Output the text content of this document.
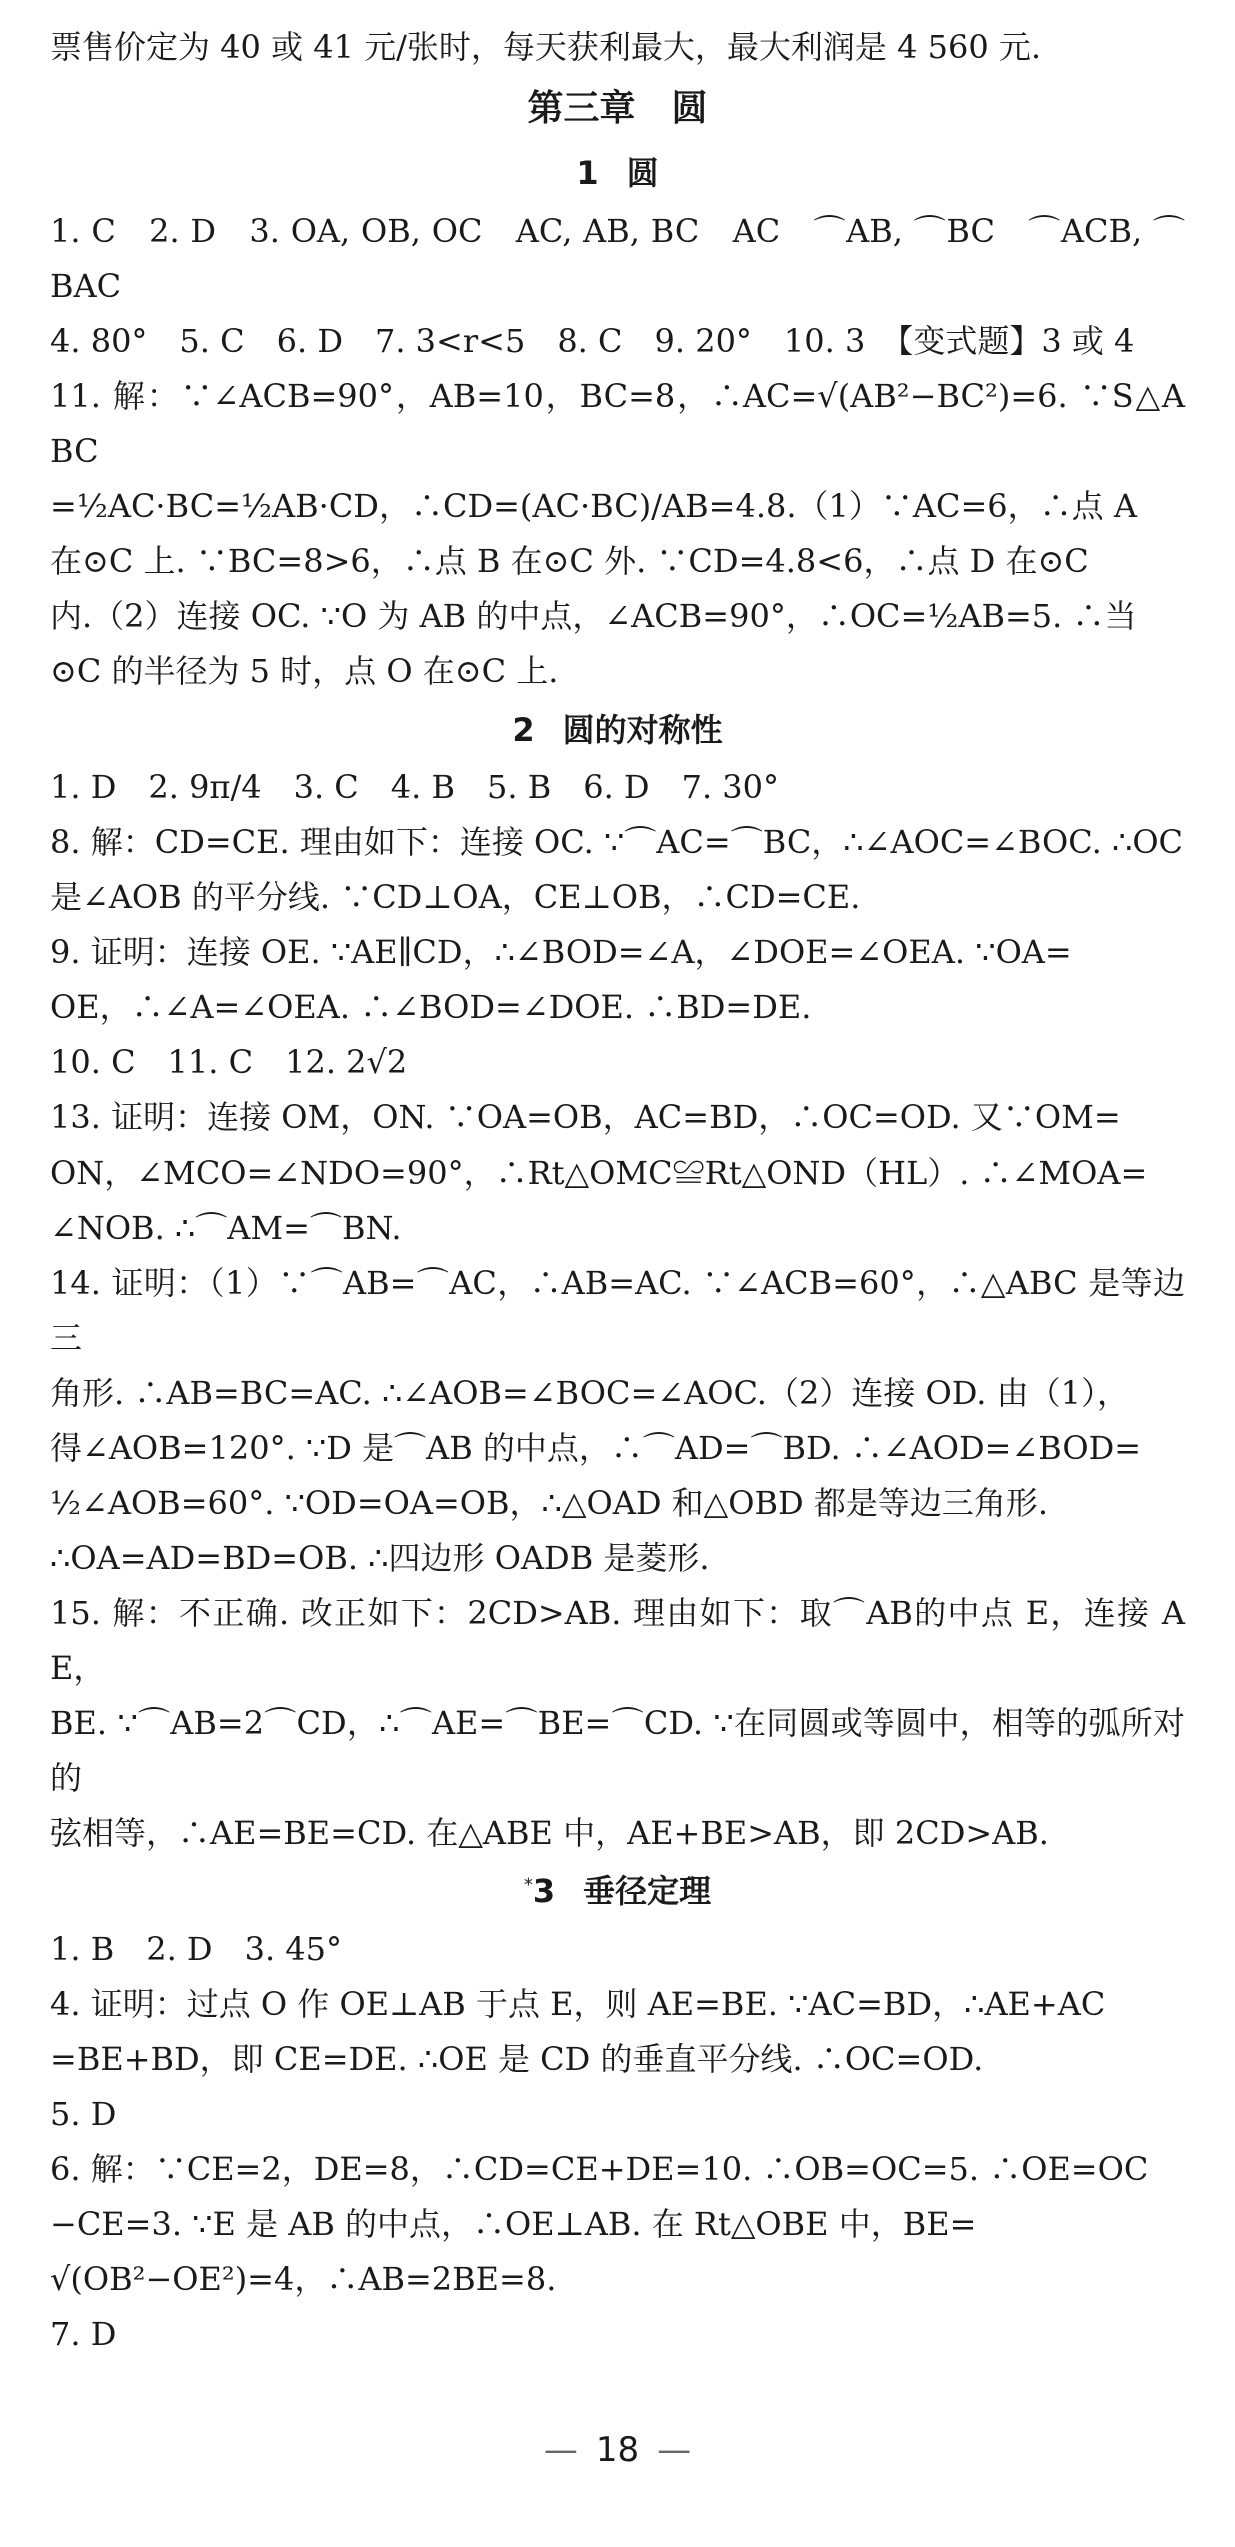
票售价定为 40 或 41 元/张时，每天获利最大，最大利润是 4 560 元.
第三章　圆
1 圆
1. C　2. D　3. OA, OB, OC　AC, AB, BC　AC　⌒AB, ⌒BC　⌒ACB, ⌒BAC
4. 80°　5. C　6. D　7. 3<r<5　8. C　9. 20°　10. 3　【变式题】3 或 4
11. 解：∵∠ACB=90°，AB=10，BC=8，∴AC=√(AB²−BC²)=6. ∵S△ABC
=½AC·BC=½AB·CD，∴CD=(AC·BC)/AB=4.8.（1）∵AC=6，∴点 A
在⊙C 上. ∵BC=8>6，∴点 B 在⊙C 外. ∵CD=4.8<6，∴点 D 在⊙C
内.（2）连接 OC. ∵O 为 AB 的中点，∠ACB=90°，∴OC=½AB=5. ∴当
⊙C 的半径为 5 时，点 O 在⊙C 上.
2 圆的对称性
1. D　2. 9π/4　3. C　4. B　5. B　6. D　7. 30°
8. 解：CD=CE. 理由如下：连接 OC. ∵⌒AC=⌒BC，∴∠AOC=∠BOC. ∴OC
是∠AOB 的平分线. ∵CD⊥OA，CE⊥OB，∴CD=CE.
9. 证明：连接 OE. ∵AE∥CD，∴∠BOD=∠A，∠DOE=∠OEA. ∵OA=
OE，∴∠A=∠OEA. ∴∠BOD=∠DOE. ∴BD=DE.
10. C　11. C　12. 2√2
13. 证明：连接 OM，ON. ∵OA=OB，AC=BD，∴OC=OD. 又∵OM=
ON，∠MCO=∠NDO=90°，∴Rt△OMC≌Rt△OND（HL）. ∴∠MOA=
∠NOB. ∴⌒AM=⌒BN.
14. 证明：（1）∵⌒AB=⌒AC，∴AB=AC. ∵∠ACB=60°，∴△ABC 是等边三
角形. ∴AB=BC=AC. ∴∠AOB=∠BOC=∠AOC.（2）连接 OD. 由（1），
得∠AOB=120°. ∵D 是⌒AB 的中点，∴⌒AD=⌒BD. ∴∠AOD=∠BOD=
½∠AOB=60°. ∵OD=OA=OB，∴△OAD 和△OBD 都是等边三角形.
∴OA=AD=BD=OB. ∴四边形 OADB 是菱形.
15. 解：不正确. 改正如下：2CD>AB. 理由如下：取⌒AB的中点 E，连接 AE，
BE. ∵⌒AB=2⌒CD，∴⌒AE=⌒BE=⌒CD. ∵在同圆或等圆中，相等的弧所对的
弦相等，∴AE=BE=CD. 在△ABE 中，AE+BE>AB，即 2CD>AB.
*3 垂径定理
1. B　2. D　3. 45°
4. 证明：过点 O 作 OE⊥AB 于点 E，则 AE=BE. ∵AC=BD，∴AE+AC
=BE+BD，即 CE=DE. ∴OE 是 CD 的垂直平分线. ∴OC=OD.
5. D
6. 解：∵CE=2，DE=8，∴CD=CE+DE=10. ∴OB=OC=5. ∴OE=OC
−CE=3. ∵E 是 AB 的中点，∴OE⊥AB. 在 Rt△OBE 中，BE=
√(OB²−OE²)=4，∴AB=2BE=8.
7. D
— 18 —
